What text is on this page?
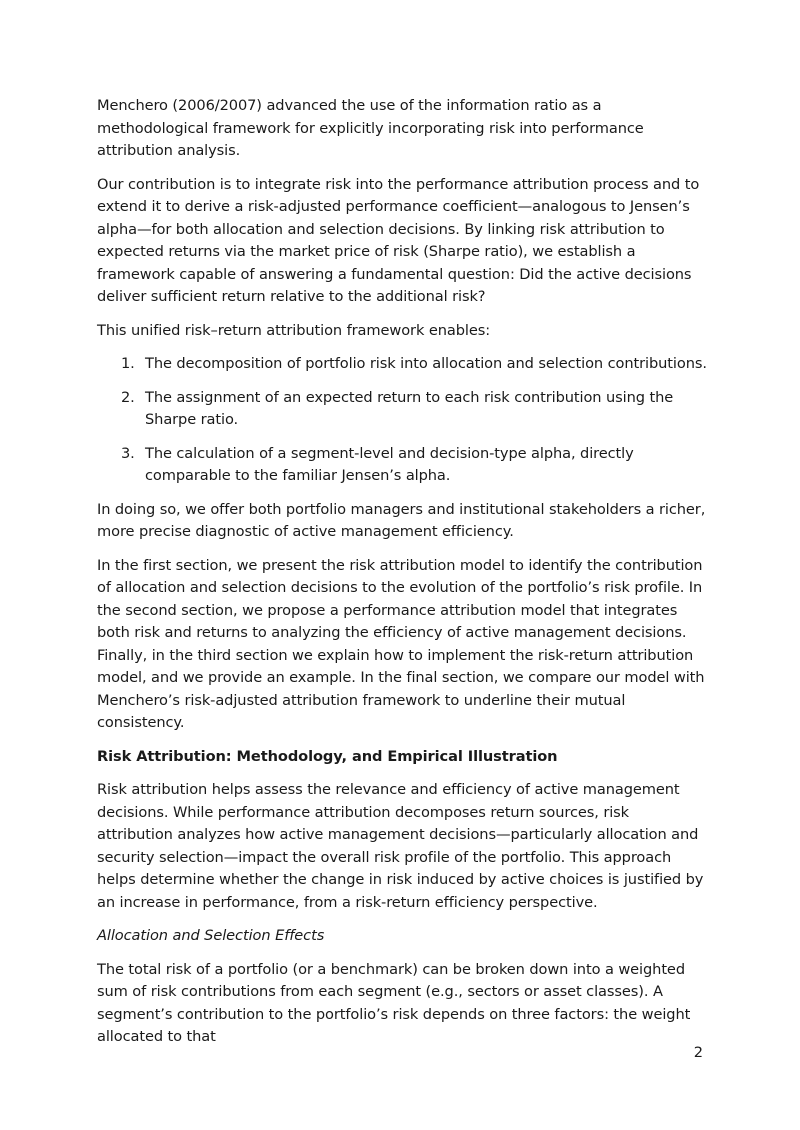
Menchero (2006/2007) advanced the use of the information ratio as a methodological framework for explicitly incorporating risk into performance attribution analysis.

Our contribution is to integrate risk into the performance attribution process and to extend it to derive a risk-adjusted performance coefficient—analogous to Jensen’s alpha—for both allocation and selection decisions. By linking risk attribution to expected returns via the market price of risk (Sharpe ratio), we establish a framework capable of answering a fundamental question: Did the active decisions deliver sufficient return relative to the additional risk?

This unified risk–return attribution framework enables:

1. The decomposition of portfolio risk into allocation and selection contributions.
2. The assignment of an expected return to each risk contribution using the Sharpe ratio.
3. The calculation of a segment-level and decision-type alpha, directly comparable to the familiar Jensen’s alpha.

In doing so, we offer both portfolio managers and institutional stakeholders a richer, more precise diagnostic of active management efficiency.

In the first section, we present the risk attribution model to identify the contribution of allocation and selection decisions to the evolution of the portfolio’s risk profile. In the second section, we propose a performance attribution model that integrates both risk and returns to analyzing the efficiency of active management decisions. Finally, in the third section we explain how to implement the risk-return attribution model, and we provide an example. In the final section, we compare our model with Menchero’s risk-adjusted attribution framework to underline their mutual consistency.

Risk Attribution: Methodology, and Empirical Illustration

Risk attribution helps assess the relevance and efficiency of active management decisions. While performance attribution decomposes return sources, risk attribution analyzes how active management decisions—particularly allocation and security selection—impact the overall risk profile of the portfolio. This approach helps determine whether the change in risk induced by active choices is justified by an increase in performance, from a risk-return efficiency perspective.

Allocation and Selection Effects

The total risk of a portfolio (or a benchmark) can be broken down into a weighted sum of risk contributions from each segment (e.g., sectors or asset classes). A segment’s contribution to the portfolio’s risk depends on three factors: the weight allocated to that

2
